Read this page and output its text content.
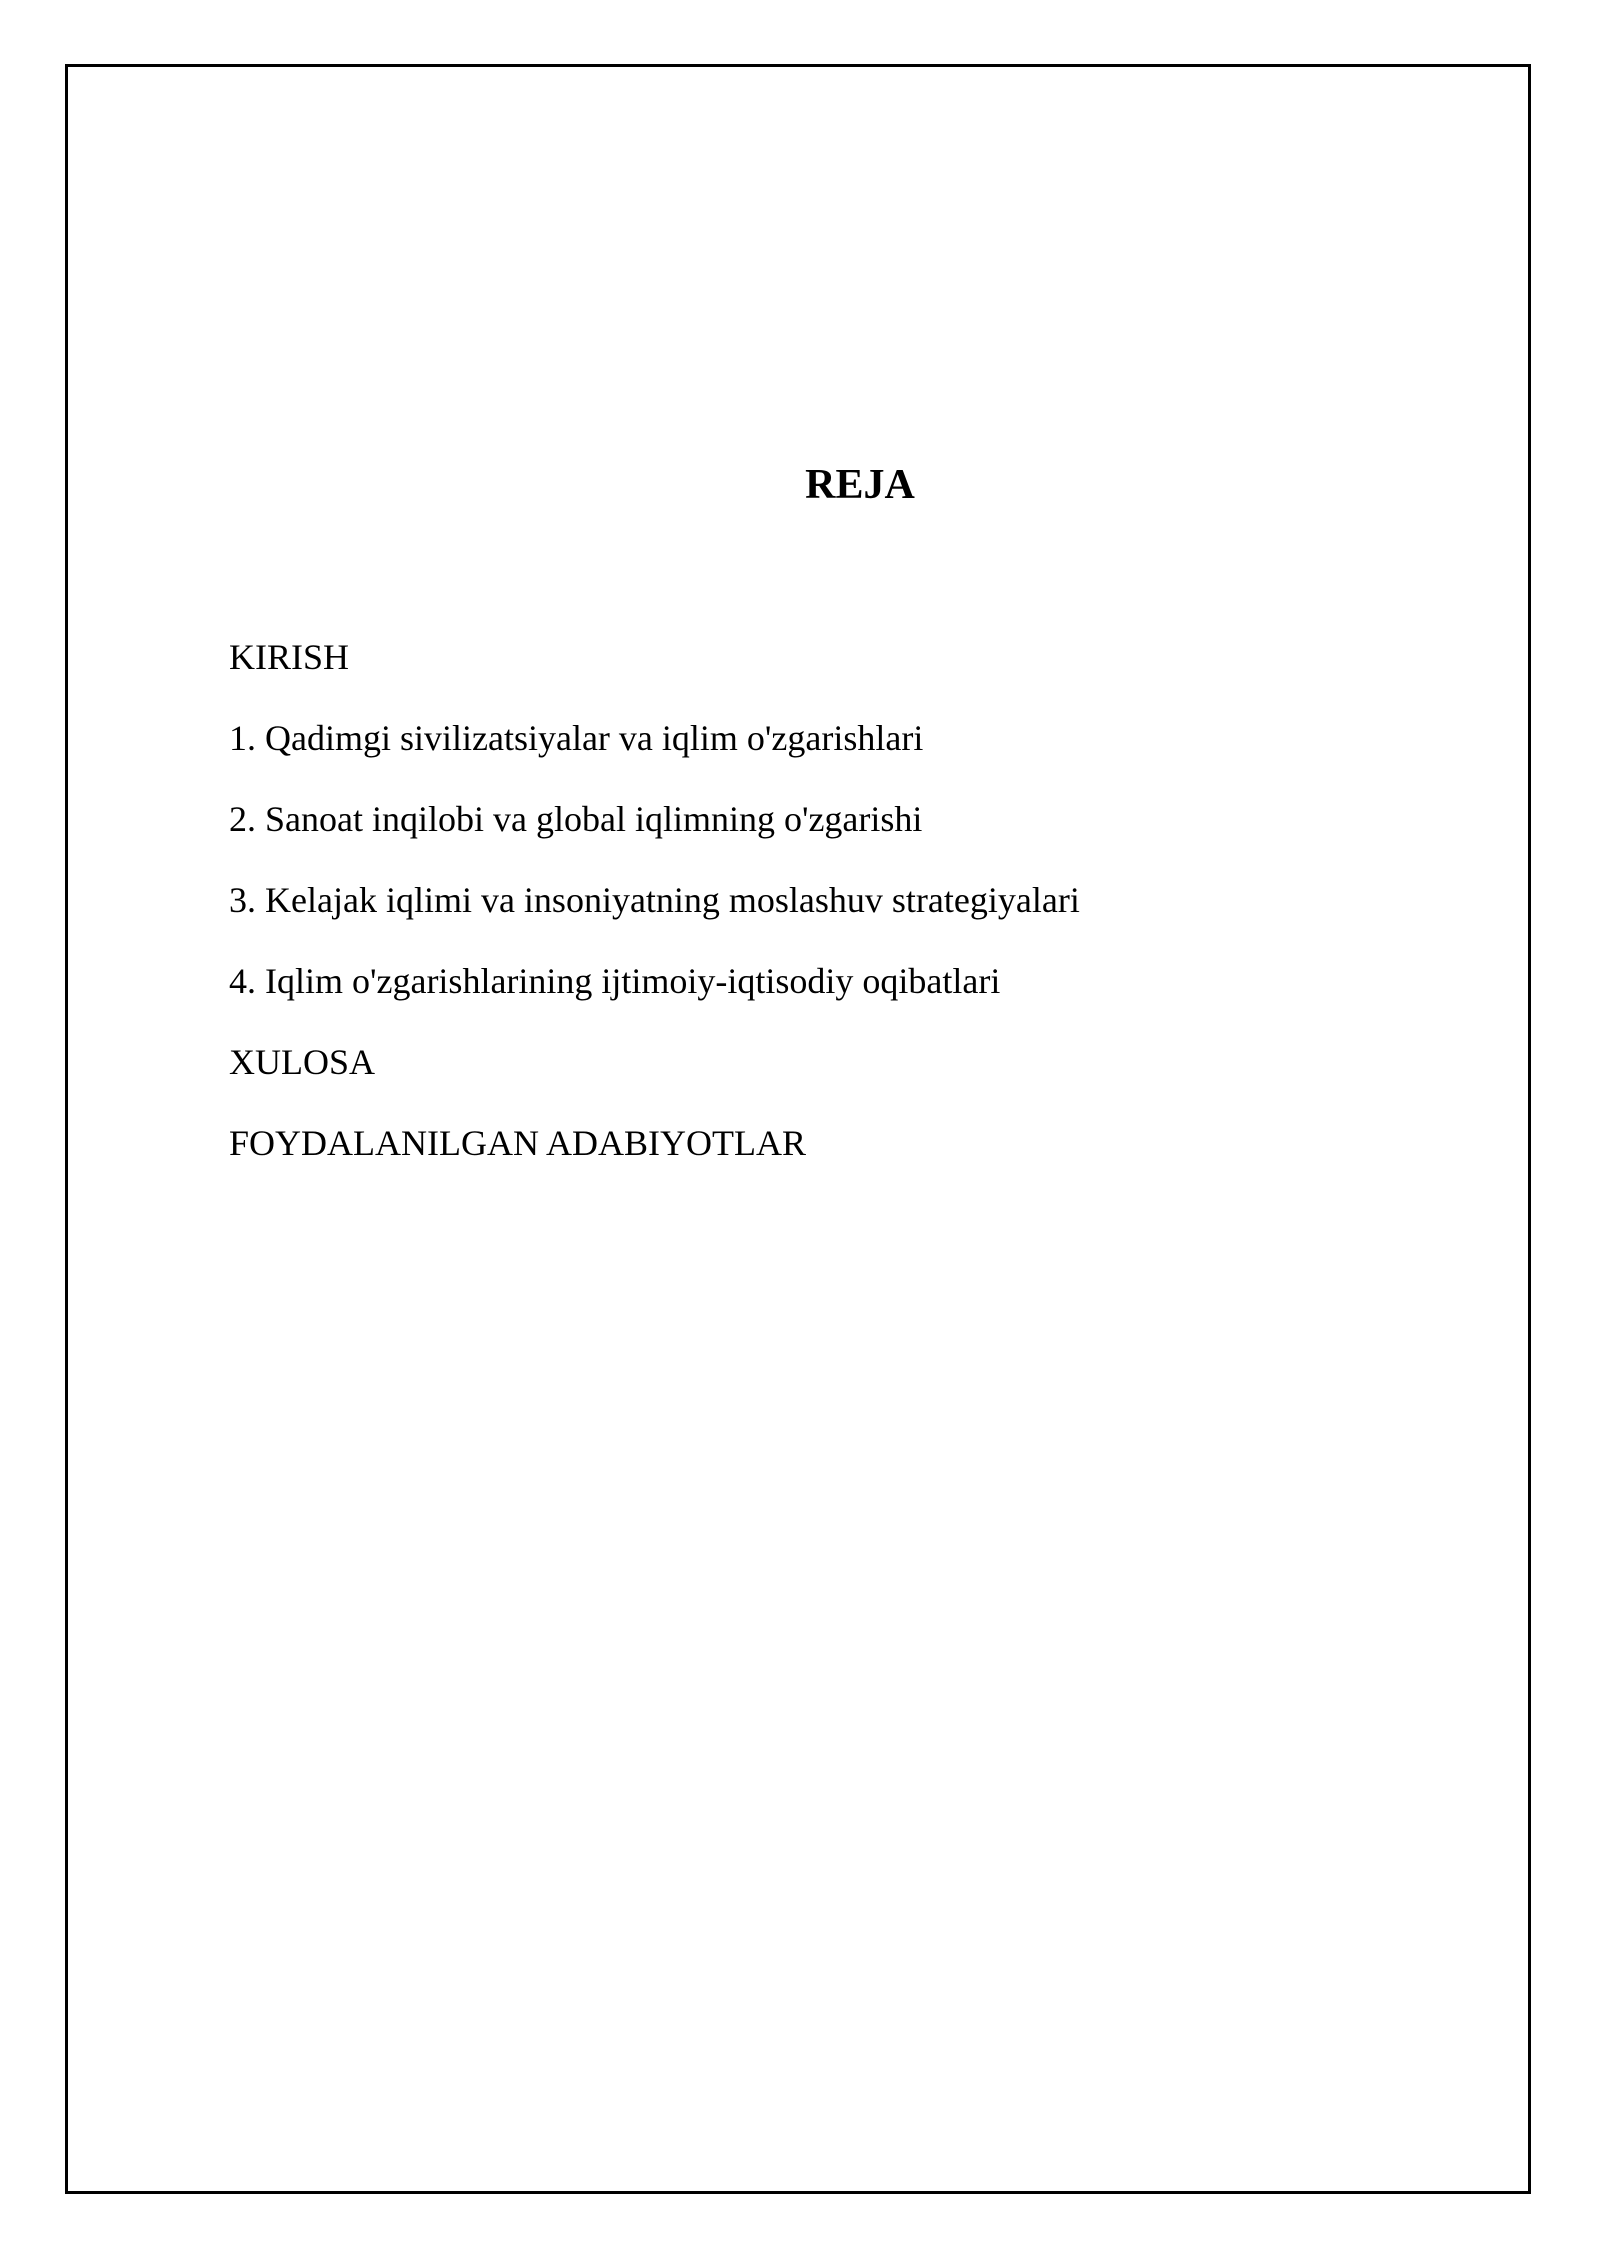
REJA
KIRISH
1. Qadimgi sivilizatsiyalar va iqlim o'zgarishlari
2. Sanoat inqilobi va global iqlimning o'zgarishi
3. Kelajak iqlimi va insoniyatning moslashuv strategiyalari
4. Iqlim o'zgarishlarining ijtimoiy-iqtisodiy oqibatlari
XULOSA
FOYDALANILGAN ADABIYOTLAR
